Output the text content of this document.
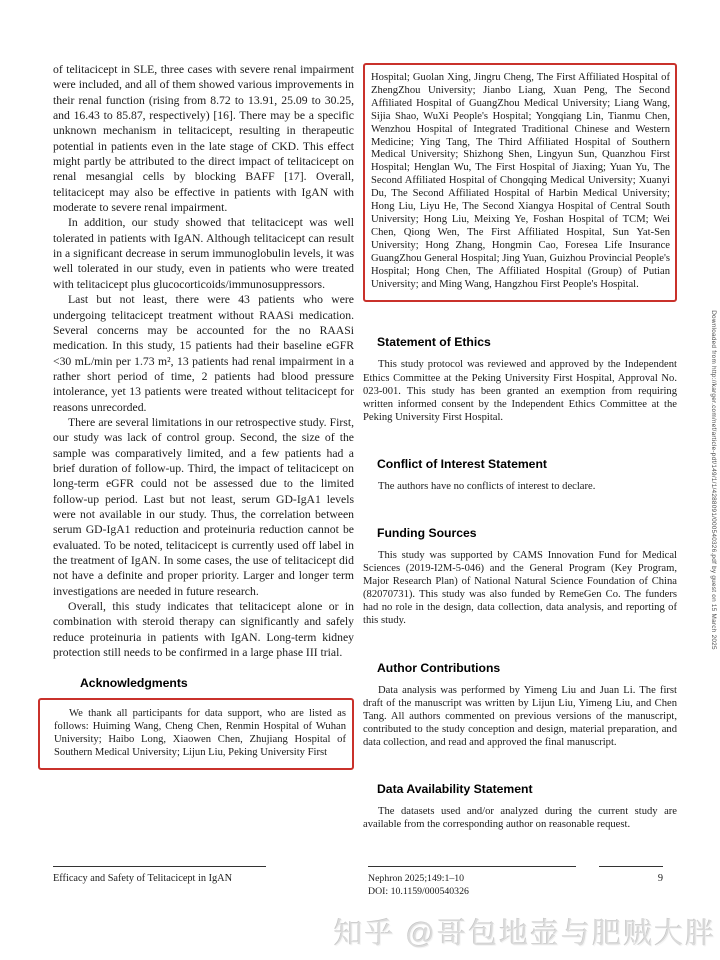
of telitacicept in SLE, three cases with severe renal impairment were included, and all of them showed various improvements in their renal function (rising from 8.72 to 13.91, 25.09 to 30.25, and 16.43 to 85.87, respectively) [16]. There may be a specific unknown mechanism in telitacicept, resulting in therapeutic potential in patients even in the late stage of CKD. This effect might partly be attributed to the direct impact of telitacicept on renal mesangial cells by blocking BAFF [17]. Overall, telitacicept may also be effective in patients with IgAN with moderate to severe renal impairment.

In addition, our study showed that telitacicept was well tolerated in patients with IgAN. Although telitacicept can result in a significant decrease in serum immunoglobulin levels, it was well tolerated in our study, even in patients who were treated with telitacicept plus glucocorticoids/immunosuppressors.

Last but not least, there were 43 patients who were undergoing telitacicept treatment without RAASi medication. Several concerns may be accounted for the no RAASi medication. In this study, 15 patients had their baseline eGFR <30 mL/min per 1.73 m², 13 patients had renal impairment in a rather short period of time, 2 patients had blood pressure intolerance, yet 13 patients were treated without telitacicept for reasons unrecorded.

There are several limitations in our retrospective study. First, our study was lack of control group. Second, the size of the sample was comparatively limited, and a few patients had a brief duration of follow-up. Third, the impact of telitacicept on long-term eGFR could not be assessed due to the limited follow-up period. Last but not least, serum GD-IgA1 levels were not available in our study. Thus, the correlation between serum GD-IgA1 reduction and proteinuria reduction cannot be evaluated. To be noted, telitacicept is currently used off label in the treatment of IgAN. In some cases, the use of telitacicept did not have a definite and proper priority. Larger and longer term investigations are needed in future research.

Overall, this study indicates that telitacicept alone or in combination with steroid therapy can significantly and safely reduce proteinuria in patients with IgAN. Long-term kidney protection still needs to be confirmed in a large phase III trial.

Acknowledgments

We thank all participants for data support, who are listed as follows: Huiming Wang, Cheng Chen, Renmin Hospital of Wuhan University; Haibo Long, Xiaowen Chen, Zhujiang Hospital of Southern Medical University; Lijun Liu, Peking University First

Hospital; Guolan Xing, Jingru Cheng, The First Affiliated Hospital of ZhengZhou University; Jianbo Liang, Xuan Peng, The Second Affiliated Hospital of GuangZhou Medical University; Liang Wang, Sijia Shao, WuXi People's Hospital; Yongqiang Lin, Tianmu Chen, Wenzhou Hospital of Integrated Traditional Chinese and Western Medicine; Ying Tang, The Third Affiliated Hospital of Southern Medical University; Shizhong Shen, Lingyun Sun, Quanzhou First Hospital; Henglan Wu, The First Hospital of Jiaxing; Yuan Yu, The Second Affiliated Hospital of Chongqing Medical University; Xuanyi Du, The Second Affiliated Hospital of Harbin Medical University; Hong Liu, Liyu He, The Second Xiangya Hospital of Central South University; Hong Liu, Meixing Ye, Foshan Hospital of TCM; Wei Chen, Qiong Wen, The First Affiliated Hospital, Sun Yat-Sen University; Hong Zhang, Hongmin Cao, Foresea Life Insurance GuangZhou General Hospital; Jing Yuan, Guizhou Provincial People's Hospital; Hong Chen, The Affiliated Hospital (Group) of Putian University; and Ming Wang, Hangzhou First People's Hospital.

Statement of Ethics

This study protocol was reviewed and approved by the Independent Ethics Committee at the Peking University First Hospital, Approval No. 023-001. This study has been granted an exemption from requiring written informed consent by the Independent Ethics Committee at the Peking University First Hospital.

Conflict of Interest Statement

The authors have no conflicts of interest to declare.

Funding Sources

This study was supported by CAMS Innovation Fund for Medical Sciences (2019-I2M-5-046) and the General Program (Key Program, Major Research Plan) of National Natural Science Foundation of China (82070731). This study was also funded by RemeGen Co. The funders had no role in the design, data collection, data analysis, and reporting of this study.

Author Contributions

Data analysis was performed by Yimeng Liu and Juan Li. The first draft of the manuscript was written by Lijun Liu, Yimeng Liu, and Chen Tang. All authors commented on previous versions of the manuscript, contributed to the study conception and design, material preparation, and data collection, and read and approved the final manuscript.

Data Availability Statement

The datasets used and/or analyzed during the current study are available from the corresponding author on reasonable request.

Efficacy and Safety of Telitacicept in IgAN	Nephron 2025;149:1–10
DOI: 10.1159/000540326
9
Downloaded from http://karger.com/nef/article-pdf/149/1/1/4288091/000540326.pdf by guest on 15 March 2025
知乎 @哥包地壶与肥贼大胖
